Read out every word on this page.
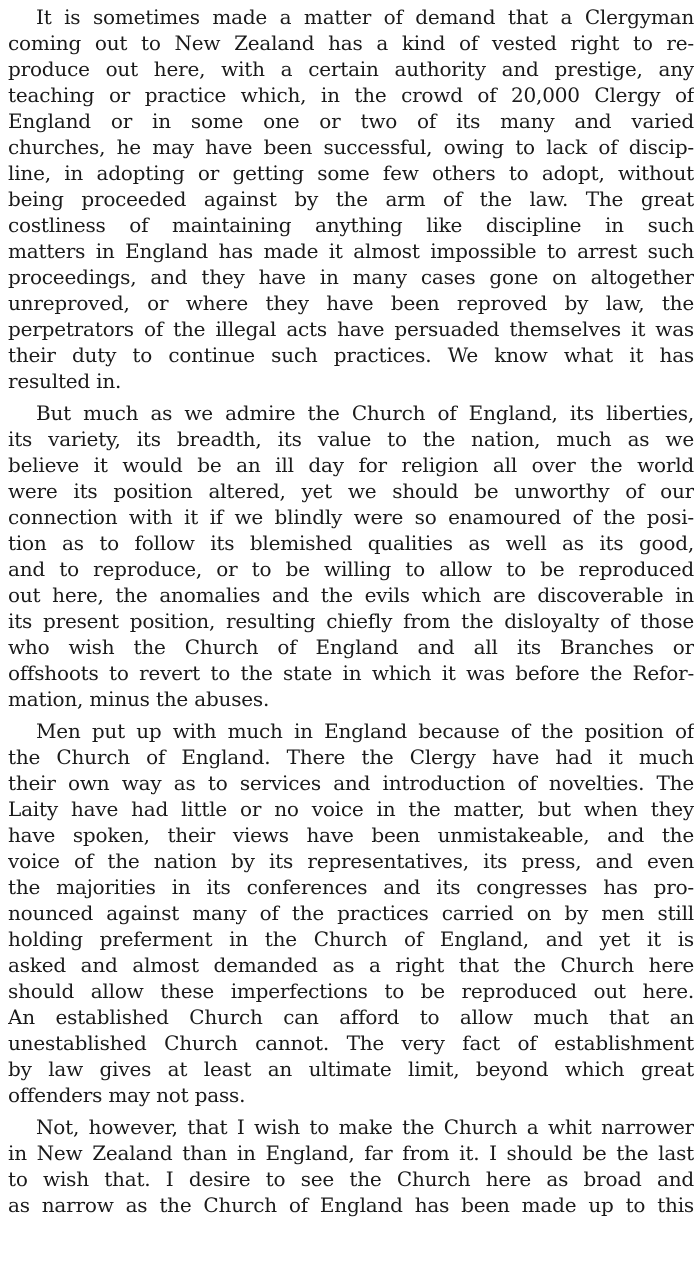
It is sometimes made a matter of demand that a Clergyman
coming out to New Zealand has a kind of vested right to re-
produce out here, with a certain authority and prestige, any
teaching or practice which, in the crowd of 20,000 Clergy of
England or in some one or two of its many and varied
churches, he may have been successful, owing to lack of discip-
line, in adopting or getting some few others to adopt, without
being proceeded against by the arm of the law. The great
costliness of maintaining anything like discipline in such
matters in England has made it almost impossible to arrest such
proceedings, and they have in many cases gone on altogether
unreproved, or where they have been reproved by law, the
perpetrators of the illegal acts have persuaded themselves it was
their duty to continue such practices. We know what it has
resulted in.
But much as we admire the Church of England, its liberties,
its variety, its breadth, its value to the nation, much as we
believe it would be an ill day for religion all over the world
were its position altered, yet we should be unworthy of our
connection with it if we blindly were so enamoured of the posi-
tion as to follow its blemished qualities as well as its good,
and to reproduce, or to be willing to allow to be reproduced
out here, the anomalies and the evils which are discoverable in
its present position, resulting chiefly from the disloyalty of those
who wish the Church of England and all its Branches or
offshoots to revert to the state in which it was before the Refor-
mation, minus the abuses.
Men put up with much in England because of the position of
the Church of England. There the Clergy have had it much
their own way as to services and introduction of novelties. The
Laity have had little or no voice in the matter, but when they
have spoken, their views have been unmistakeable, and the
voice of the nation by its representatives, its press, and even
the majorities in its conferences and its congresses has pro-
nounced against many of the practices carried on by men still
holding preferment in the Church of England, and yet it is
asked and almost demanded as a right that the Church here
should allow these imperfections to be reproduced out here.
An established Church can afford to allow much that an
unestablished Church cannot. The very fact of establishment
by law gives at least an ultimate limit, beyond which great
offenders may not pass.
Not, however, that I wish to make the Church a whit narrower
in New Zealand than in England, far from it. I should be the last
to wish that. I desire to see the Church here as broad and
as narrow as the Church of England has been made up to this
